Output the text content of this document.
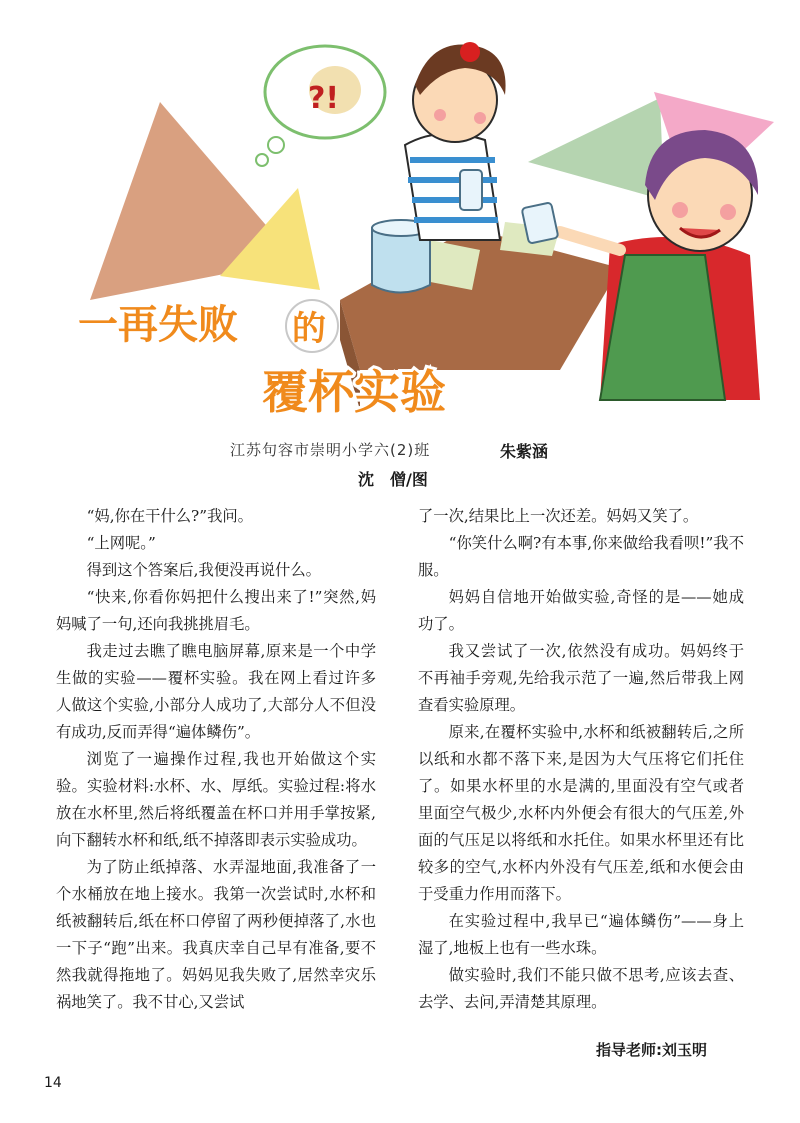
?!
一再失败 的
覆杯实验
江苏句容市崇明小学六(2)班	朱紫涵
沈　僧/图

“妈,你在干什么?”我问。

“上网呢。”

得到这个答案后,我便没再说什么。

“快来,你看你妈把什么搜出来了!”突然,妈妈喊了一句,还向我挑挑眉毛。

我走过去瞧了瞧电脑屏幕,原来是一个中学生做的实验——覆杯实验。我在网上看过许多人做这个实验,小部分人成功了,大部分人不但没有成功,反而弄得“遍体鳞伤”。

浏览了一遍操作过程,我也开始做这个实验。实验材料:水杯、水、厚纸。实验过程:将水放在水杯里,然后将纸覆盖在杯口并用手掌按紧,向下翻转水杯和纸,纸不掉落即表示实验成功。

为了防止纸掉落、水弄湿地面,我准备了一个水桶放在地上接水。我第一次尝试时,水杯和纸被翻转后,纸在杯口停留了两秒便掉落了,水也一下子“跑”出来。我真庆幸自己早有准备,要不然我就得拖地了。妈妈见我失败了,居然幸灾乐祸地笑了。我不甘心,又尝试

了一次,结果比上一次还差。妈妈又笑了。

“你笑什么啊?有本事,你来做给我看呗!”我不服。

妈妈自信地开始做实验,奇怪的是——她成功了。

我又尝试了一次,依然没有成功。妈妈终于不再袖手旁观,先给我示范了一遍,然后带我上网查看实验原理。

原来,在覆杯实验中,水杯和纸被翻转后,之所以纸和水都不落下来,是因为大气压将它们托住了。如果水杯里的水是满的,里面没有空气或者里面空气极少,水杯内外便会有很大的气压差,外面的气压足以将纸和水托住。如果水杯里还有比较多的空气,水杯内外没有气压差,纸和水便会由于受重力作用而落下。

在实验过程中,我早已“遍体鳞伤”——身上湿了,地板上也有一些水珠。

做实验时,我们不能只做不思考,应该去查、去学、去问,弄清楚其原理。

指导老师:刘玉明
14
